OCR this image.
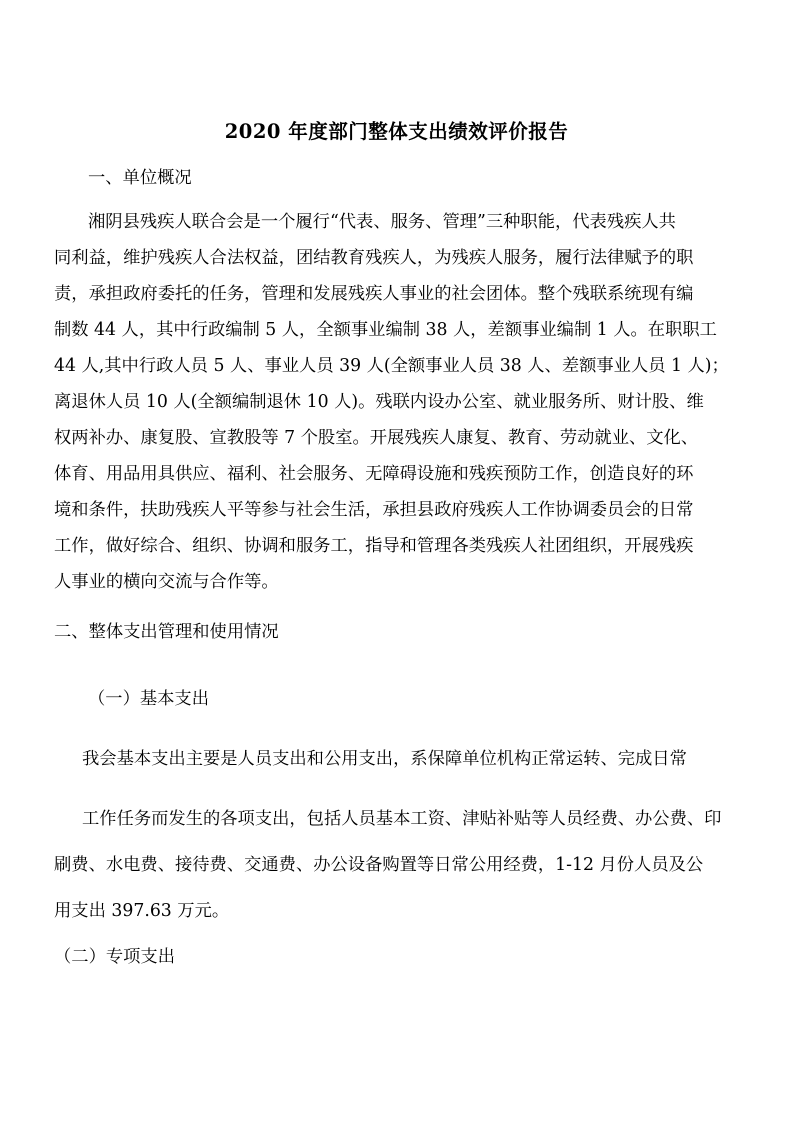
2020 年度部门整体支出绩效评价报告
一、单位概况
湘阴县残疾人联合会是一个履行“代表、服务、管理”三种职能，代表残疾人共
同利益，维护残疾人合法权益，团结教育残疾人，为残疾人服务，履行法律赋予的职
责，承担政府委托的任务，管理和发展残疾人事业的社会团体。整个残联系统现有编
制数 44 人，其中行政编制 5 人，全额事业编制 38 人，差额事业编制 1 人。在职职工
44 人,其中行政人员 5 人、事业人员 39 人(全额事业人员 38 人、差额事业人员 1 人)；
离退休人员 10 人(全额编制退休 10 人)。残联内设办公室、就业服务所、财计股、维
权两补办、康复股、宣教股等 7 个股室。开展残疾人康复、教育、劳动就业、文化、
体育、用品用具供应、福利、社会服务、无障碍设施和残疾预防工作，创造良好的环
境和条件，扶助残疾人平等参与社会生活，承担县政府残疾人工作协调委员会的日常
工作，做好综合、组织、协调和服务工，指导和管理各类残疾人社团组织，开展残疾
人事业的横向交流与合作等。
二、整体支出管理和使用情况
（一）基本支出
我会基本支出主要是人员支出和公用支出，系保障单位机构正常运转、完成日常
工作任务而发生的各项支出，包括人员基本工资、津贴补贴等人员经费、办公费、印
刷费、水电费、接待费、交通费、办公设备购置等日常公用经费，1-12 月份人员及公
用支出 397.63 万元。
（二）专项支出
